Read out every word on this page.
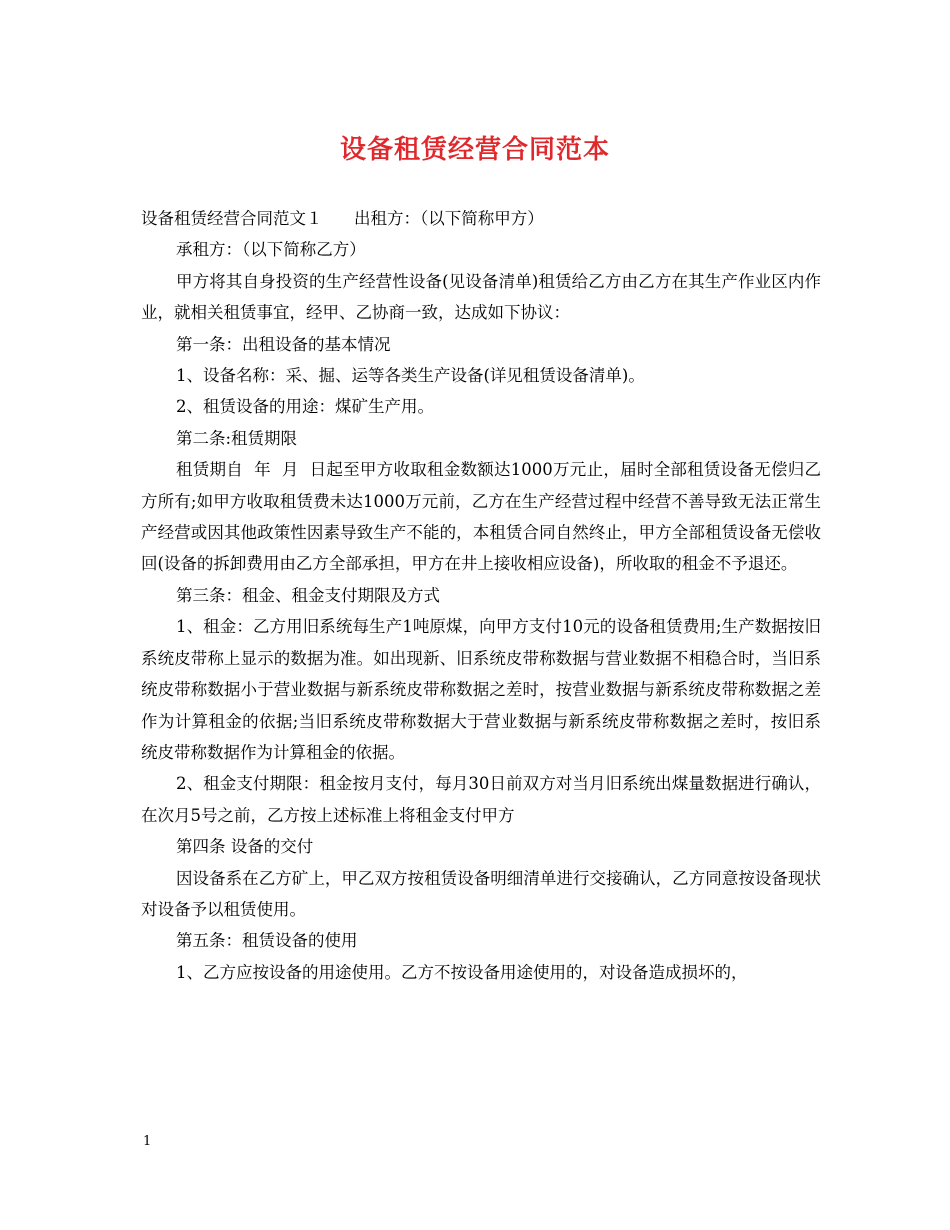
设备租赁经营合同范本

设备租赁经营合同范文１      出租方：（以下简称甲方）

承租方：（以下简称乙方）

甲方将其自身投资的生产经营性设备(见设备清单)租赁给乙方由乙方在其生产作业区内作业，就相关租赁事宜，经甲、乙协商一致，达成如下协议：

第一条：出租设备的基本情况

1、设备名称：采、掘、运等各类生产设备(详见租赁设备清单)。

2、租赁设备的用途：煤矿生产用。

第二条:租赁期限

租赁期自  年  月  日起至甲方收取租金数额达1000万元止，届时全部租赁设备无偿归乙方所有;如甲方收取租赁费未达1000万元前，乙方在生产经营过程中经营不善导致无法正常生产经营或因其他政策性因素导致生产不能的，本租赁合同自然终止，甲方全部租赁设备无偿收回(设备的拆卸费用由乙方全部承担，甲方在井上接收相应设备)，所收取的租金不予退还。

第三条：租金、租金支付期限及方式

1、租金：乙方用旧系统每生产1吨原煤，向甲方支付10元的设备租赁费用;生产数据按旧系统皮带称上显示的数据为准。如出现新、旧系统皮带称数据与营业数据不相稳合时，当旧系统皮带称数据小于营业数据与新系统皮带称数据之差时，按营业数据与新系统皮带称数据之差作为计算租金的依据;当旧系统皮带称数据大于营业数据与新系统皮带称数据之差时，按旧系统皮带称数据作为计算租金的依据。

2、租金支付期限：租金按月支付，每月30日前双方对当月旧系统出煤量数据进行确认，在次月5号之前，乙方按上述标准上将租金支付甲方

第四条 设备的交付

因设备系在乙方矿上，甲乙双方按租赁设备明细清单进行交接确认，乙方同意按设备现状对设备予以租赁使用。

第五条：租赁设备的使用

1、乙方应按设备的用途使用。乙方不按设备用途使用的，对设备造成损坏的，

1
